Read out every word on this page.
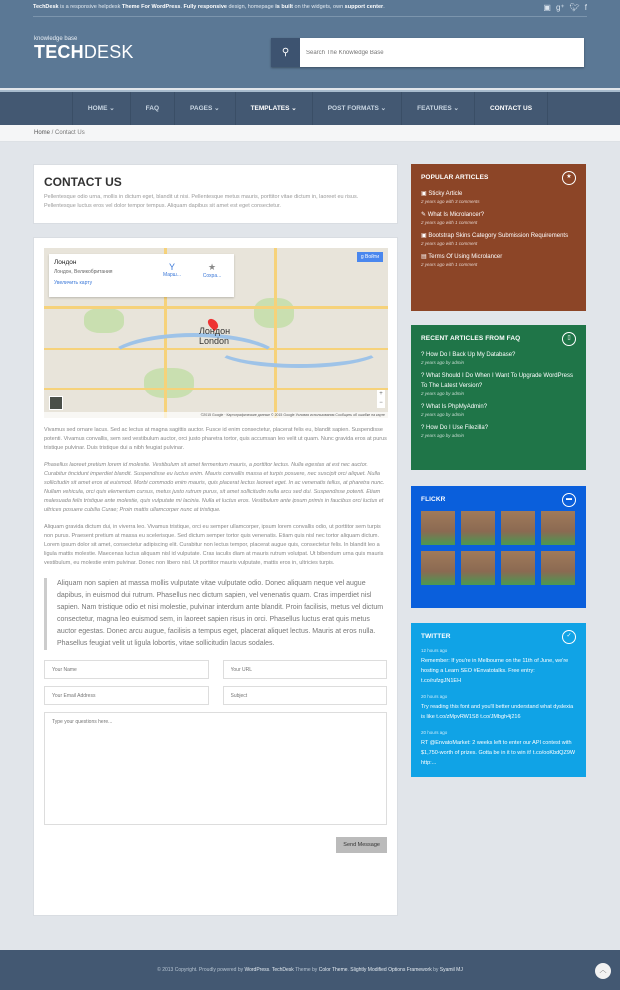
TechDesk is a responsive helpdesk Theme For WordPress. Fully responsive design, homepage is built on the widgets, own support center.	▣ g⁺ 🐦︎ f
knowledge base
TECHDESK	⚲
Search The Knowledge Base
HOME ⌄	FAQ	PAGES ⌄	TEMPLATES ⌄	POST FORMATS ⌄	FEATURES ⌄	CONTACT US
Home / Contact Us
CONTACT US

Pellentesque odio urna, mollis in dictum eget, blandit ut nisi. Pellentesque metus mauris, porttitor vitae dictum in, laoreet eu risus. Pellentesque luctus eros vel dolor tempor tempus. Aliquam dapibus sit amet est eget consectetur.

Лондон
Лондон, Великобритания
Увеличить карту
Y
Марш...
★
Сохра...
g Войти
Лондон
London
+
−
©2015 Google · Картографические данные © 2015 Google Условия использования Сообщить об ошибке на карте

Vivamus sed ornare lacus. Sed ac lectus at magna sagittis auctor. Fusce id enim consectetur, placerat felis eu, blandit sapien. Suspendisse potenti. Vivamus convallis, sem sed vestibulum auctor, orci justo pharetra tortor, quis accumsan leo velit ut quam. Nunc gravida eros at purus tristique pulvinar. Duis tristique dui a nibh feugiat pulvinar.

Phasellus laoreet pretium lorem id molestie. Vestibulum sit amet fermentum mauris, a porttitor lectus. Nulla egestas at est nec auctor. Curabitur tincidunt imperdiet blandit. Suspendisse eu luctus enim. Mauris convallis massa et turpis posuere, nec suscipit orci aliquet. Nulla sollicitudin sit amet eros at euismod. Morbi commodo enim mauris, quis placerat lectus laoreet eget. In ac venenatis tellus, at pharetra nunc. Nullam vehicula, orci quis elementum cursus, metus justo rutrum purus, sit amet sollicitudin nulla arcu sed dui. Suspendisse potenti. Etiam malesuada felis tristique ante molestie, quis vulputate mi lacinia. Nulla et luctus eros. Vestibulum ante ipsum primis in faucibus orci luctus et ultrices posuere cubilia Curae; Proin mattis ullamcorper nunc at tristique.

Aliquam gravida dictum dui, in viverra leo. Vivamus tristique, orci eu semper ullamcorper, ipsum lorem convallis odio, ut porttitor sem turpis non purus. Praesent pretium at massa eu scelerisque. Sed dictum semper tortor quis venenatis. Etiam quis nisl nec tortor aliquam dictum. Lorem ipsum dolor sit amet, consectetur adipiscing elit. Curabitur non lectus tempor, placerat augue quis, consectetur felis. In blandit leo a ligula mattis molestie. Maecenas luctus aliquam nisl id vulputate. Cras iaculis diam at mauris rutrum volutpat. Ut bibendum urna quis mauris vestibulum, eu molestie enim pulvinar. Donec non libero nisl. Ut porttitor mauris vulputate, mattis eros in, ultricies turpis.

Aliquam non sapien at massa mollis vulputate vitae vulputate odio. Donec aliquam neque vel augue dapibus, in euismod dui rutrum. Phasellus nec dictum sapien, vel venenatis quam. Cras imperdiet nisl sapien. Nam tristique odio et nisi molestie, pulvinar interdum ante blandit. Proin facilisis, metus vel dictum consectetur, magna leo euismod sem, in laoreet sapien risus in orci. Phasellus luctus erat quis metus auctor egestas. Donec arcu augue, facilisis a tempus eget, placerat aliquet lectus. Mauris at eros nulla. Phasellus feugiat velit ut ligula lobortis, vitae sollicitudin lacus sodales.
Your Name
Your URL
Your Email Address
Subject
Type your questions here...
Send Message
POPULAR ARTICLES	★
▣ Sticky Article
2 years ago with 3 comments
✎ What Is Microlancer?
2 years ago with 1 comment
▣ Bootstrap Skins Category Submission Requirements
2 years ago with 1 comment
▤ Terms Of Using Microlancer
2 years ago with 1 comment
RECENT ARTICLES FROM FAQ	▯
? How Do I Back Up My Database?
2 years ago by admin
? What Should I Do When I Want To Upgrade WordPress To The Latest Version?
2 years ago by admin
? What Is PhpMyAdmin?
2 years ago by admin
? How Do I Use Filezilla?
2 years ago by admin
FLICKR	▬
TWITTER	✓
12 hours ago
Remember: If you're in Melbourne on the 11th of June, we're hosting a Learn SEO #Envatotalks. Free entry: t.co/rufzgJN1EH
20 hours ago
Try reading this font and you'll better understand what dyslexia is like t.co/zMpvRW1S8 t.co/JMbgh4j216
20 hours ago
RT @EnvatoMarket: 2 weeks left to enter our API contest with $1,750-worth of prizes. Gotta be in it to win it! t.co/ooKbdQZ9W http:...
© 2013 Copyright. Proudly powered by WordPress. TechDesk Theme by Color Theme. Slightly Modified Options Framework by Syamil MJ	︿
